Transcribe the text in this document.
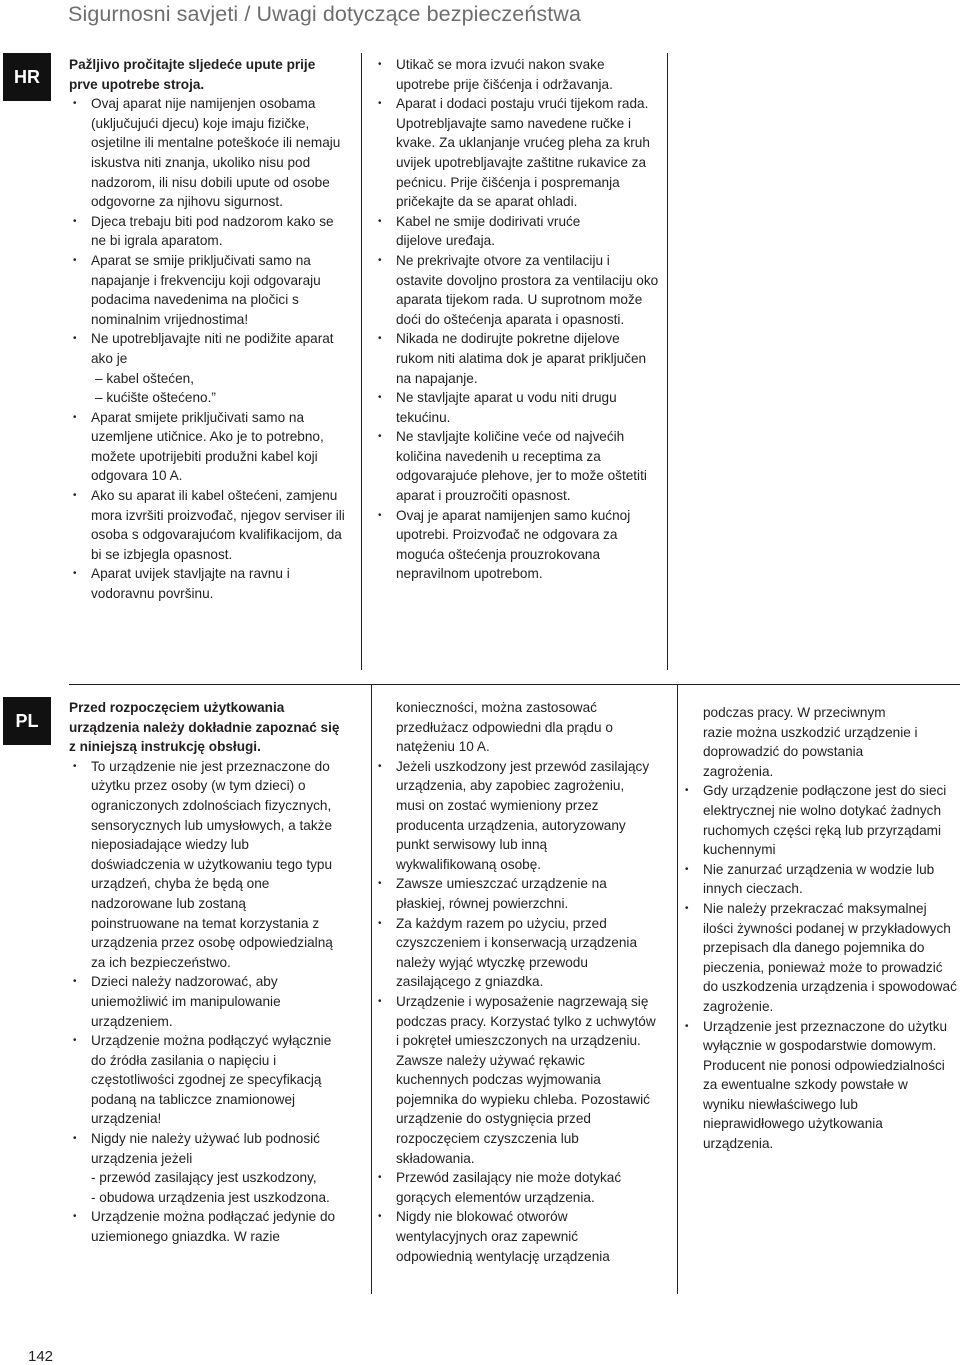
Sigurnosni savjeti / Uwagi dotyczące bezpieczeństwa
HR

Pažljivo pročitajte sljedeće upute prije prve upotrebe stroja.

• Ovaj aparat nije namijenjen osobama (uključujući djecu) koje imaju fizičke, osjetilne ili mentalne poteškoće ili nemaju iskustva niti znanja, ukoliko nisu pod nadzorom, ili nisu dobili upute od osobe odgovorne za njihovu sigurnost.
• Djeca trebaju biti pod nadzorom kako se ne bi igrala aparatom.
• Aparat se smije priključivati samo na napajanje i frekvenciju koji odgovaraju podacima navedenima na pločici s nominalnim vrijednostima!
• Ne upotrebljavajte niti ne podižite aparat ako je
– kabel oštećen,
– kućište oštećeno.”
• Aparat smijete priključivati samo na uzemljene utičnice. Ako je to potrebno, možete upotrijebiti produžni kabel koji odgovara 10 A.
• Ako su aparat ili kabel oštećeni, zamjenu mora izvršiti proizvođač, njegov serviser ili osoba s odgovarajućom kvalifikacijom, da bi se izbjegla opasnost.
• Aparat uvijek stavljajte na ravnu i vodoravnu površinu.
• Utikač se mora izvući nakon svake upotrebe prije čišćenja i održavanja.
• Aparat i dodaci postaju vrući tijekom rada. Upotrebljavajte samo navedene ručke i kvake. Za uklanjanje vrućeg pleha za kruh uvijek upotrebljavajte zaštitne rukavice za pećnicu. Prije čišćenja i pospremanja pričekajte da se aparat ohladi.
• Kabel ne smije dodirivati vruće dijelove uređaja.
• Ne prekrivajte otvore za ventilaciju i ostavite dovoljno prostora za ventilaciju oko aparata tijekom rada. U suprotnom može doći do oštećenja aparata i opasnosti.
• Nikada ne dodirujte pokretne dijelove rukom niti alatima dok je aparat priključen na napajanje.
• Ne stavljajte aparat u vodu niti drugu tekućinu.
• Ne stavljajte količine veće od najvećih količina navedenih u receptima za odgovarajuće plehove, jer to može oštetiti aparat i prouzročiti opasnost.
• Ovaj je aparat namijenjen samo kućnoj upotrebi. Proizvođač ne odgovara za moguća oštećenja prouzrokovana nepravilnom upotrebom.
PL

Przed rozpoczęciem użytkowania urządzenia należy dokładnie zapoznać się z niniejszą instrukcję obsługi.

• To urządzenie nie jest przeznaczone do użytku przez osoby (w tym dzieci) o ograniczonych zdolnościach fizycznych, sensorycznych lub umysłowych, a także nieposiadające wiedzy lub doświadczenia w użytkowaniu tego typu urządzeń, chyba że będą one nadzorowane lub zostaną poinstruowane na temat korzystania z urządzenia przez osobę odpowiedzialną za ich bezpieczeństwo.
• Dzieci należy nadzorować, aby uniemożliwić im manipulowanie urządzeniem.
• Urządzenie można podłączyć wyłącznie do źródła zasilania o napięciu i częstotliwości zgodnej ze specyfikacją podaną na tabliczce znamionowej urządzenia!
• Nigdy nie należy używać lub podnosić urządzenia jeżeli
- przewód zasilający jest uszkodzony,
- obudowa urządzenia jest uszkodzona.
• Urządzenie można podłączać jedynie do uziemionego gniazdka. W razie

konieczności, można zastosować przedłużacz odpowiedni dla prądu o natężeniu 10 A.

• Jeżeli uszkodzony jest przewód zasilający urządzenia, aby zapobiec zagrożeniu, musi on zostać wymieniony przez producenta urządzenia, autoryzowany punkt serwisowy lub inną wykwalifikowaną osobę.
• Zawsze umieszczać urządzenie na płaskiej, równej powierzchni.
• Za każdym razem po użyciu, przed czyszczeniem i konserwacją urządzenia należy wyjąć wtyczkę przewodu zasilającego z gniazdka.
• Urządzenie i wyposażenie nagrzewają się podczas pracy. Korzystać tylko z uchwytów i pokręteł umieszczonych na urządzeniu. Zawsze należy używać rękawic kuchennych podczas wyjmowania pojemnika do wypieku chleba. Pozostawić urządzenie do ostygnięcia przed rozpoczęciem czyszczenia lub składowania.
• Przewód zasilający nie może dotykać gorących elementów urządzenia.
• Nigdy nie blokować otworów wentylacyjnych oraz zapewnić odpowiednią wentylację urządzenia

podczas pracy. W przeciwnym razie można uszkodzić urządzenie i doprowadzić do powstania zagrożenia.

• Gdy urządzenie podłączone jest do sieci elektrycznej nie wolno dotykać żadnych ruchomych części ręką lub przyrządami kuchennymi
• Nie zanurzać urządzenia w wodzie lub innych cieczach.
• Nie należy przekraczać maksymalnej ilości żywności podanej w przykładowych przepisach dla danego pojemnika do pieczenia, ponieważ może to prowadzić do uszkodzenia urządzenia i spowodować zagrożenie.
• Urządzenie jest przeznaczone do użytku wyłącznie w gospodarstwie domowym. Producent nie ponosi odpowiedzialności za ewentualne szkody powstałe w wyniku niewłaściwego lub nieprawidłowego użytkowania urządzenia.
142
